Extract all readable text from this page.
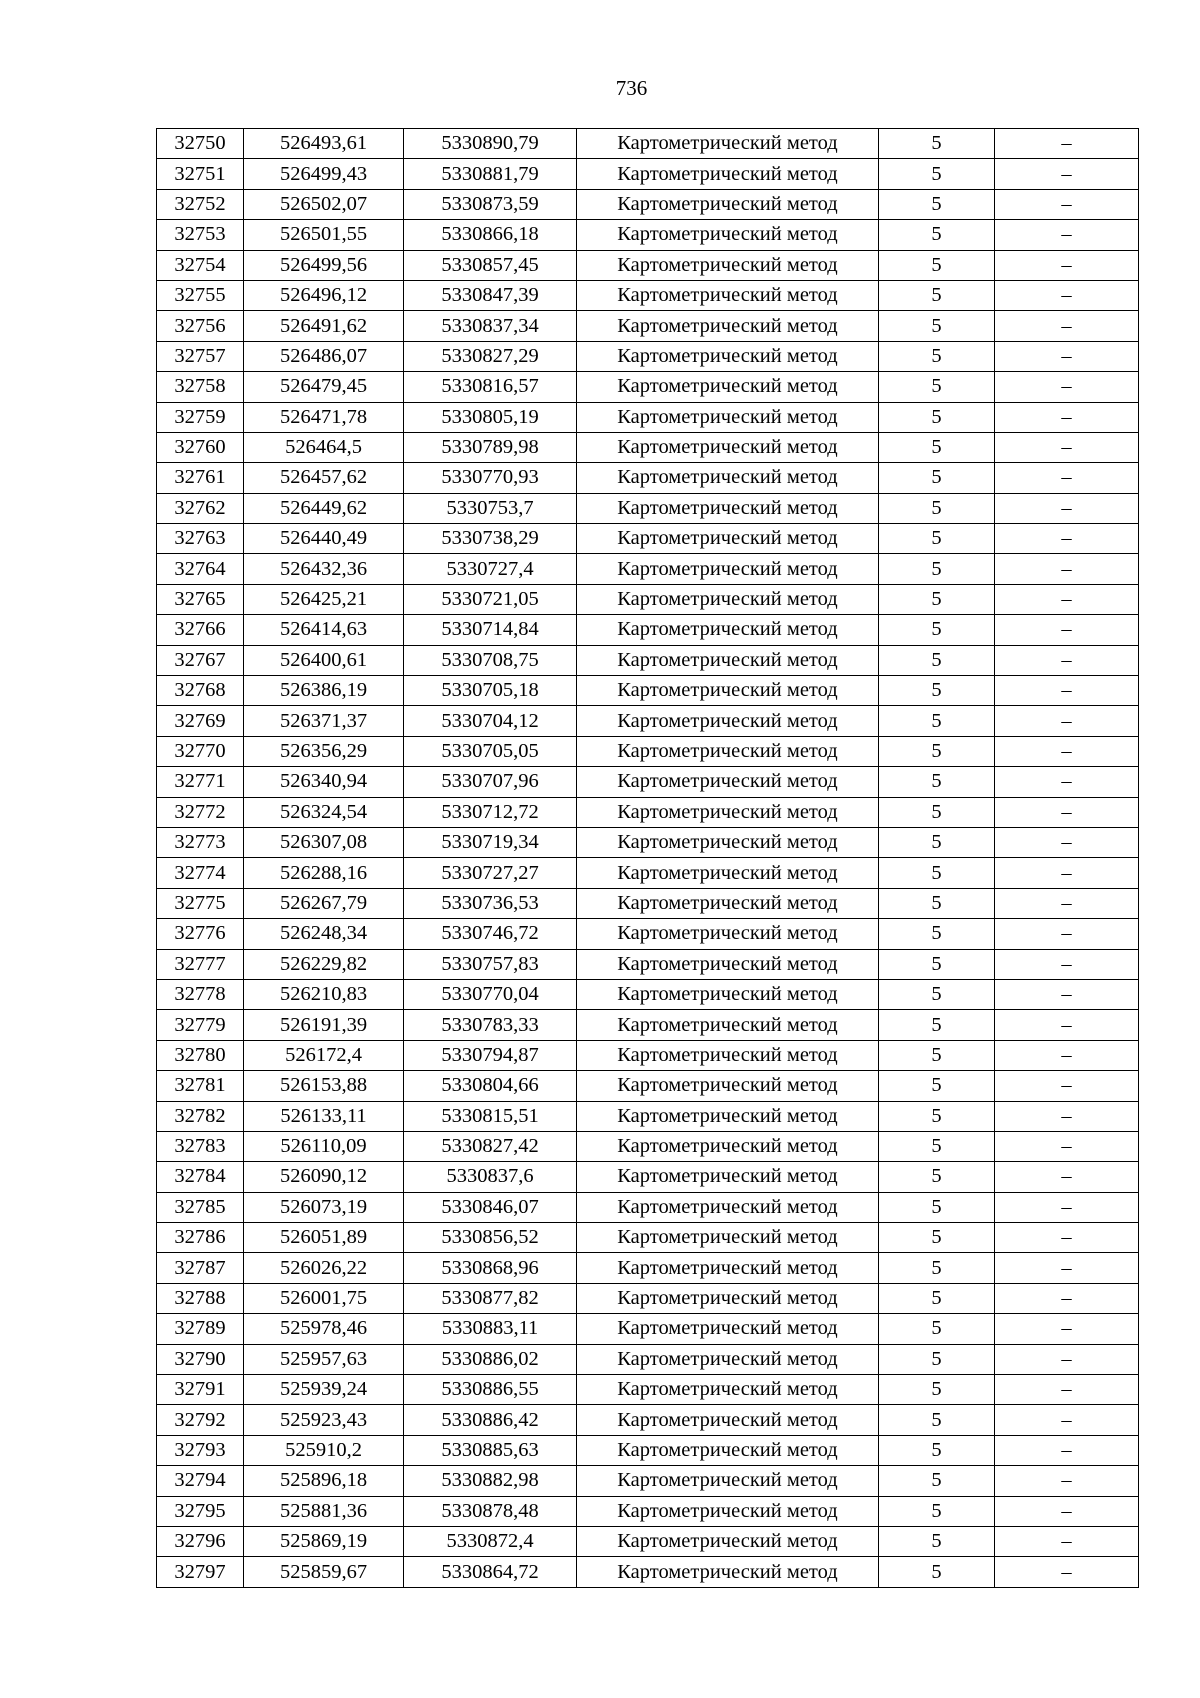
736
32750	526493,61	5330890,79	Картометрический метод	5	–
32751	526499,43	5330881,79	Картометрический метод	5	–
32752	526502,07	5330873,59	Картометрический метод	5	–
32753	526501,55	5330866,18	Картометрический метод	5	–
32754	526499,56	5330857,45	Картометрический метод	5	–
32755	526496,12	5330847,39	Картометрический метод	5	–
32756	526491,62	5330837,34	Картометрический метод	5	–
32757	526486,07	5330827,29	Картометрический метод	5	–
32758	526479,45	5330816,57	Картометрический метод	5	–
32759	526471,78	5330805,19	Картометрический метод	5	–
32760	526464,5	5330789,98	Картометрический метод	5	–
32761	526457,62	5330770,93	Картометрический метод	5	–
32762	526449,62	5330753,7	Картометрический метод	5	–
32763	526440,49	5330738,29	Картометрический метод	5	–
32764	526432,36	5330727,4	Картометрический метод	5	–
32765	526425,21	5330721,05	Картометрический метод	5	–
32766	526414,63	5330714,84	Картометрический метод	5	–
32767	526400,61	5330708,75	Картометрический метод	5	–
32768	526386,19	5330705,18	Картометрический метод	5	–
32769	526371,37	5330704,12	Картометрический метод	5	–
32770	526356,29	5330705,05	Картометрический метод	5	–
32771	526340,94	5330707,96	Картометрический метод	5	–
32772	526324,54	5330712,72	Картометрический метод	5	–
32773	526307,08	5330719,34	Картометрический метод	5	–
32774	526288,16	5330727,27	Картометрический метод	5	–
32775	526267,79	5330736,53	Картометрический метод	5	–
32776	526248,34	5330746,72	Картометрический метод	5	–
32777	526229,82	5330757,83	Картометрический метод	5	–
32778	526210,83	5330770,04	Картометрический метод	5	–
32779	526191,39	5330783,33	Картометрический метод	5	–
32780	526172,4	5330794,87	Картометрический метод	5	–
32781	526153,88	5330804,66	Картометрический метод	5	–
32782	526133,11	5330815,51	Картометрический метод	5	–
32783	526110,09	5330827,42	Картометрический метод	5	–
32784	526090,12	5330837,6	Картометрический метод	5	–
32785	526073,19	5330846,07	Картометрический метод	5	–
32786	526051,89	5330856,52	Картометрический метод	5	–
32787	526026,22	5330868,96	Картометрический метод	5	–
32788	526001,75	5330877,82	Картометрический метод	5	–
32789	525978,46	5330883,11	Картометрический метод	5	–
32790	525957,63	5330886,02	Картометрический метод	5	–
32791	525939,24	5330886,55	Картометрический метод	5	–
32792	525923,43	5330886,42	Картометрический метод	5	–
32793	525910,2	5330885,63	Картометрический метод	5	–
32794	525896,18	5330882,98	Картометрический метод	5	–
32795	525881,36	5330878,48	Картометрический метод	5	–
32796	525869,19	5330872,4	Картометрический метод	5	–
32797	525859,67	5330864,72	Картометрический метод	5	–
